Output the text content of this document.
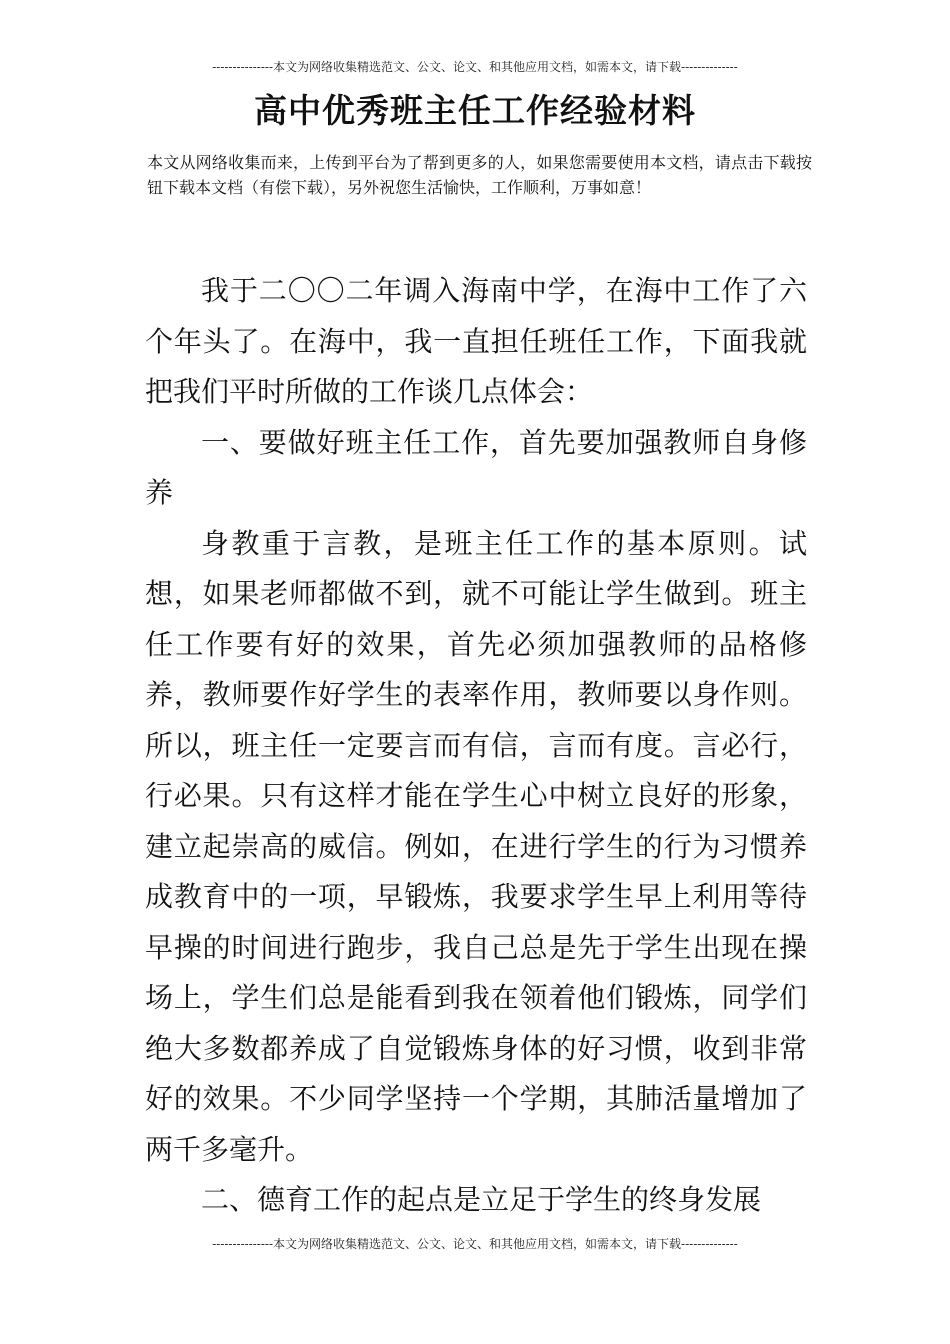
---------------本文为网络收集精选范文、公文、论文、和其他应用文档，如需本文，请下载--------------
高中优秀班主任工作经验材料
本文从网络收集而来，上传到平台为了帮到更多的人，如果您需要使用本文档，请点击下载按钮下载本文档（有偿下载），另外祝您生活愉快，工作顺利，万事如意！

我于二〇〇二年调入海南中学，在海中工作了六个年头了。在海中，我一直担任班任工作，下面我就把我们平时所做的工作谈几点体会：

一、要做好班主任工作，首先要加强教师自身修养

身教重于言教，是班主任工作的基本原则。试想，如果老师都做不到，就不可能让学生做到。班主任工作要有好的效果，首先必须加强教师的品格修养，教师要作好学生的表率作用，教师要以身作则。所以，班主任一定要言而有信，言而有度。言必行，行必果。只有这样才能在学生心中树立良好的形象，建立起崇高的威信。例如，在进行学生的行为习惯养成教育中的一项，早锻炼，我要求学生早上利用等待早操的时间进行跑步，我自己总是先于学生出现在操场上，学生们总是能看到我在领着他们锻炼，同学们绝大多数都养成了自觉锻炼身体的好习惯，收到非常好的效果。不少同学坚持一个学期，其肺活量增加了两千多毫升。

二、德育工作的起点是立足于学生的终身发展

---------------本文为网络收集精选范文、公文、论文、和其他应用文档，如需本文，请下载--------------
